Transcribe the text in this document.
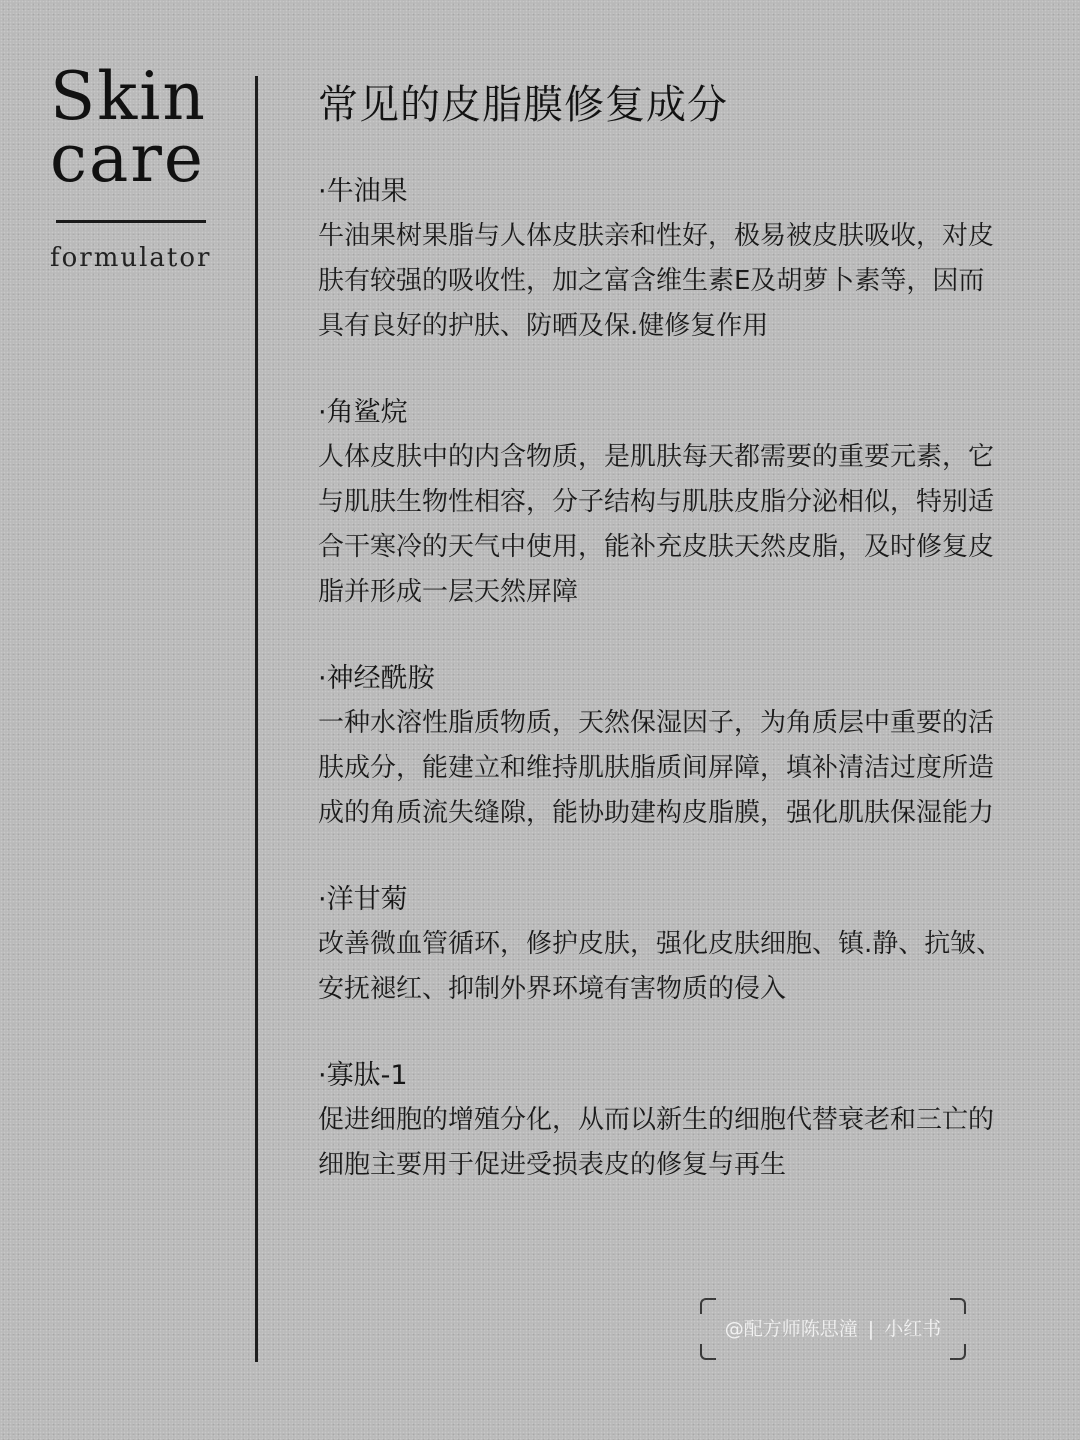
Skin
care
formulator
常见的皮脂膜修复成分

·牛油果

牛油果树果脂与人体皮肤亲和性好，极易被皮肤吸收，对皮肤有较强的吸收性，加之富含维生素E及胡萝卜素等，因而具有良好的护肤、防晒及保.健修复作用

·角鲨烷

人体皮肤中的内含物质，是肌肤每天都需要的重要元素，它与肌肤生物性相容，分子结构与肌肤皮脂分泌相似，特别适合干寒冷的天气中使用，能补充皮肤天然皮脂，及时修复皮脂并形成一层天然屏障

·神经酰胺

一种水溶性脂质物质，天然保湿因子，为角质层中重要的活肤成分，能建立和维持肌肤脂质间屏障，填补清洁过度所造成的角质流失缝隙，能协助建构皮脂膜，强化肌肤保湿能力

·洋甘菊

改善微血管循环，修护皮肤，强化皮肤细胞、镇.静、抗皱、安抚褪红、抑制外界环境有害物质的侵入

·寡肽-1

促进细胞的增殖分化，从而以新生的细胞代替衰老和三亡的细胞主要用于促进受损表皮的修复与再生

@配方师陈思潼 | 小红书
